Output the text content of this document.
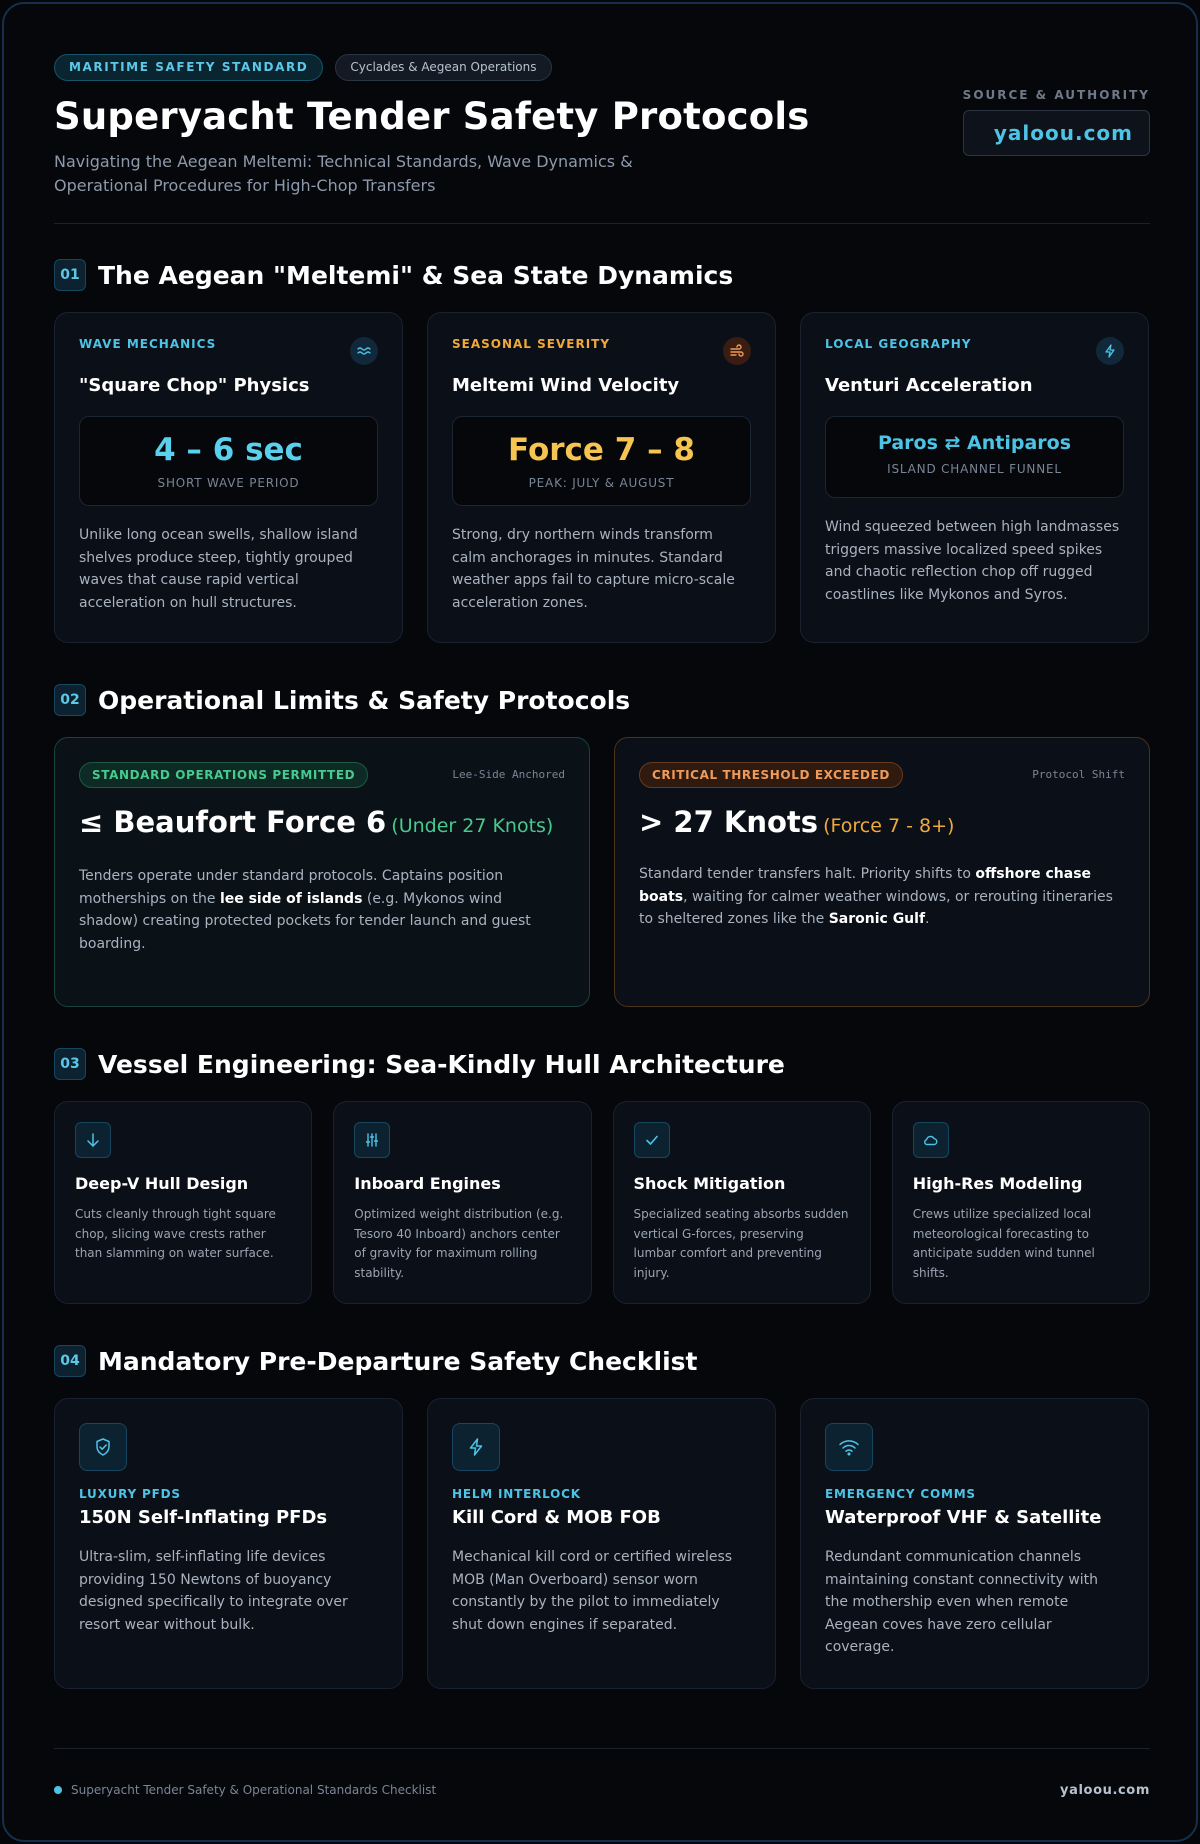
MARITIME SAFETY STANDARD	Cyclades & Aegean Operations
Superyacht Tender Safety Protocols

Navigating the Aegean Meltemi: Technical Standards, Wave Dynamics & Operational Procedures for High-Chop Transfers

SOURCE & AUTHORITY
yaloou.com
01 The Aegean "Meltemi" & Sea State Dynamics
WAVE MECHANICS
"Square Chop" Physics
4 – 6 sec
SHORT WAVE PERIOD

Unlike long ocean swells, shallow island shelves produce steep, tightly grouped waves that cause rapid vertical acceleration on hull structures.

SEASONAL SEVERITY
Meltemi Wind Velocity
Force 7 – 8
PEAK: JULY & AUGUST

Strong, dry northern winds transform calm anchorages in minutes. Standard weather apps fail to capture micro-scale acceleration zones.

LOCAL GEOGRAPHY
Venturi Acceleration
Paros ⇄ Antiparos
ISLAND CHANNEL FUNNEL

Wind squeezed between high landmasses triggers massive localized speed spikes and chaotic reflection chop off rugged coastlines like Mykonos and Syros.

02 Operational Limits & Safety Protocols
STANDARD OPERATIONS PERMITTED	Lee-Side Anchored
≤ Beaufort Force 6 (Under 27 Knots)

Tenders operate under standard protocols. Captains position motherships on the lee side of islands (e.g. Mykonos wind shadow) creating protected pockets for tender launch and guest boarding.

CRITICAL THRESHOLD EXCEEDED	Protocol Shift
> 27 Knots (Force 7 - 8+)

Standard tender transfers halt. Priority shifts to offshore chase boats, waiting for calmer weather windows, or rerouting itineraries to sheltered zones like the Saronic Gulf.

03 Vessel Engineering: Sea-Kindly Hull Architecture
Deep-V Hull Design

Cuts cleanly through tight square chop, slicing wave crests rather than slamming on water surface.

Inboard Engines

Optimized weight distribution (e.g. Tesoro 40 Inboard) anchors center of gravity for maximum rolling stability.

Shock Mitigation

Specialized seating absorbs sudden vertical G-forces, preserving lumbar comfort and preventing injury.

High-Res Modeling

Crews utilize specialized local meteorological forecasting to anticipate sudden wind tunnel shifts.

04 Mandatory Pre-Departure Safety Checklist
LUXURY PFDS
150N Self-Inflating PFDs

Ultra-slim, self-inflating life devices providing 150 Newtons of buoyancy designed specifically to integrate over resort wear without bulk.

HELM INTERLOCK
Kill Cord & MOB FOB

Mechanical kill cord or certified wireless MOB (Man Overboard) sensor worn constantly by the pilot to immediately shut down engines if separated.

EMERGENCY COMMS
Waterproof VHF & Satellite

Redundant communication channels maintaining constant connectivity with the mothership even when remote Aegean coves have zero cellular coverage.

Superyacht Tender Safety & Operational Standards Checklist	yaloou.com
